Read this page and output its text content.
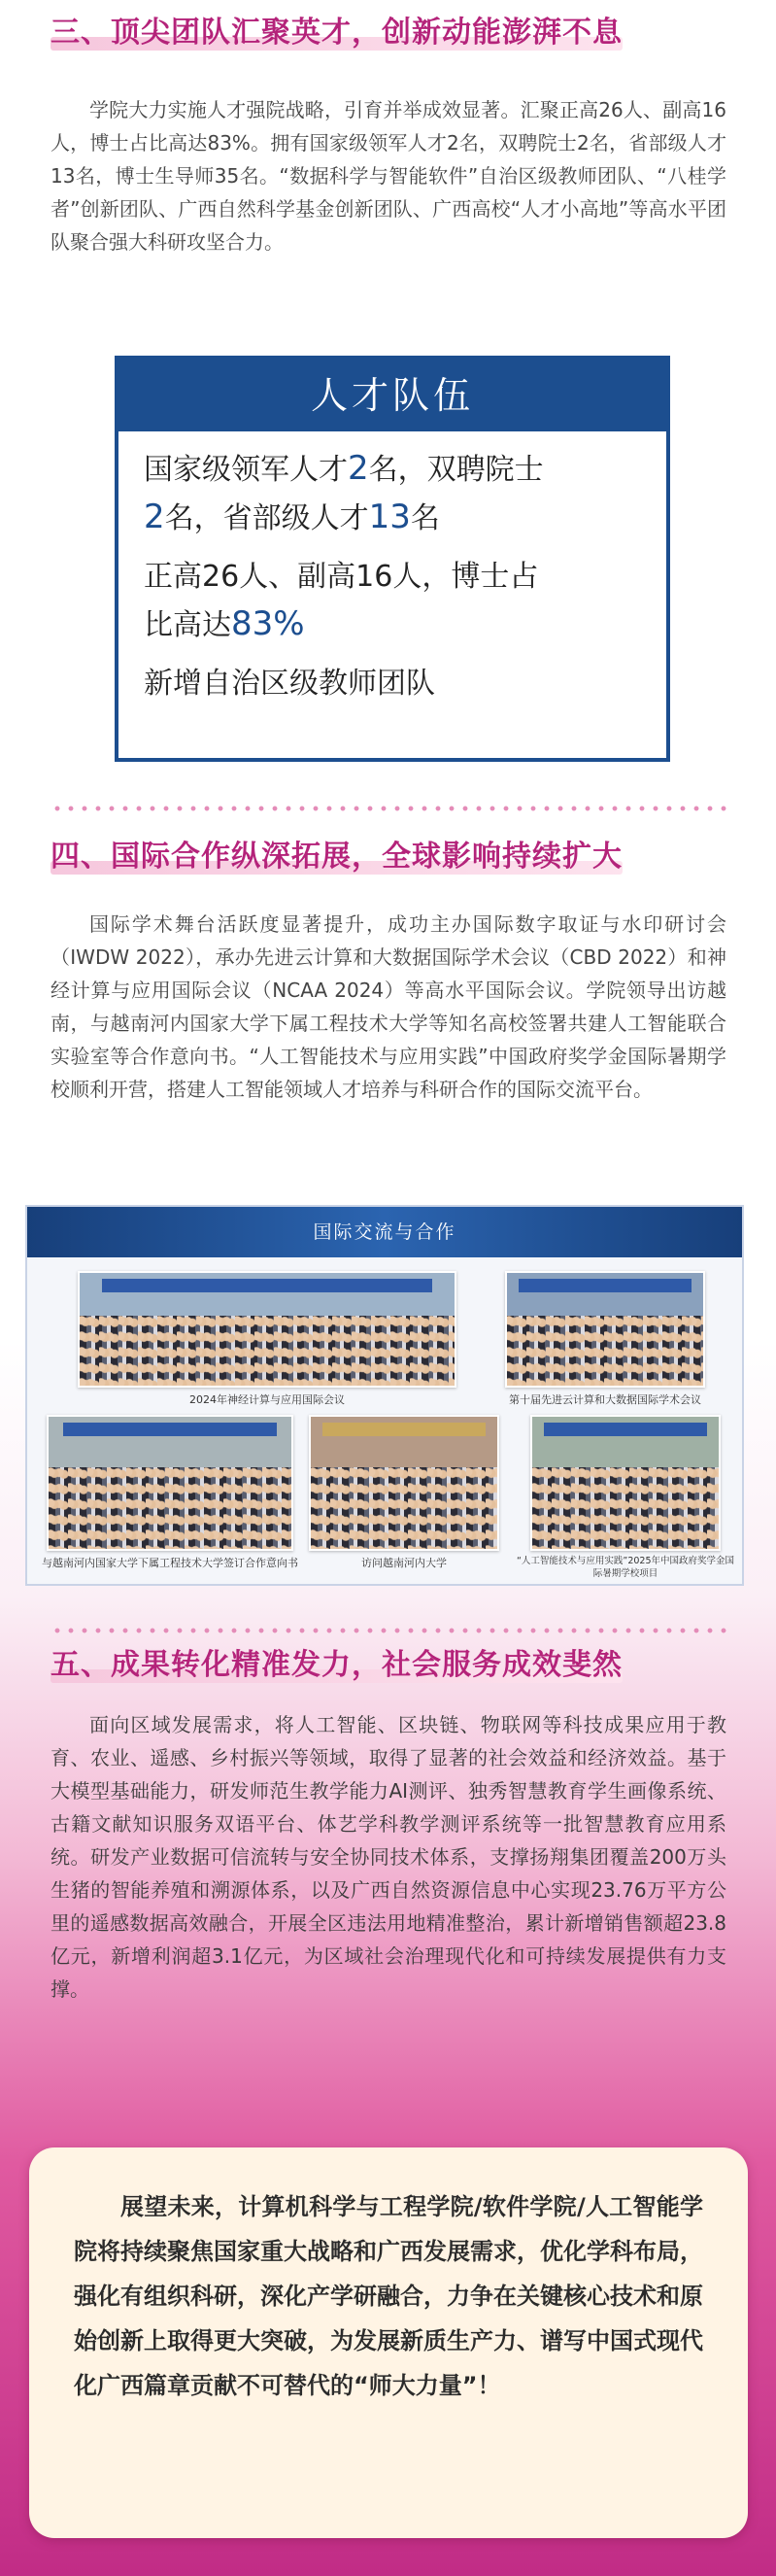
三、顶尖团队汇聚英才，创新动能澎湃不息
学院大力实施人才强院战略，引育并举成效显著。汇聚正高26人、副高16人，博士占比高达83%。拥有国家级领军人才2名，双聘院士2名，省部级人才13名，博士生导师35名。“数据科学与智能软件”自治区级教师团队、“八桂学者”创新团队、广西自然科学基金创新团队、广西高校“人才小高地”等高水平团队聚合强大科研攻坚合力。
人才队伍
国家级领军人才2名，双聘院士
2名，省部级人才13名
正高26人、副高16人，博士占
比高达83%
新增自治区级教师团队
四、国际合作纵深拓展，全球影响持续扩大
国际学术舞台活跃度显著提升，成功主办国际数字取证与水印研讨会（IWDW 2022），承办先进云计算和大数据国际学术会议（CBD 2022）和神经计算与应用国际会议（NCAA 2024）等高水平国际会议。学院领导出访越南，与越南河内国家大学下属工程技术大学等知名高校签署共建人工智能联合实验室等合作意向书。“人工智能技术与应用实践”中国政府奖学金国际暑期学校顺利开营，搭建人工智能领域人才培养与科研合作的国际交流平台。
国际交流与合作
2024年神经计算与应用国际会议	第十届先进云计算和大数据国际学术会议
与越南河内国家大学下属工程技术大学签订合作意向书	访问越南河内大学	“人工智能技术与应用实践”2025年中国政府奖学金国际暑期学校项目
五、成果转化精准发力，社会服务成效斐然
面向区域发展需求，将人工智能、区块链、物联网等科技成果应用于教育、农业、遥感、乡村振兴等领域，取得了显著的社会效益和经济效益。基于大模型基础能力，研发师范生教学能力AI测评、独秀智慧教育学生画像系统、古籍文献知识服务双语平台、体艺学科教学测评系统等一批智慧教育应用系统。研发产业数据可信流转与安全协同技术体系，支撑扬翔集团覆盖200万头生猪的智能养殖和溯源体系，以及广西自然资源信息中心实现23.76万平方公里的遥感数据高效融合，开展全区违法用地精准整治，累计新增销售额超23.8亿元，新增利润超3.1亿元，为区域社会治理现代化和可持续发展提供有力支撑。
展望未来，计算机科学与工程学院/软件学院/人工智能学院将持续聚焦国家重大战略和广西发展需求，优化学科布局，强化有组织科研，深化产学研融合，力争在关键核心技术和原始创新上取得更大突破，为发展新质生产力、谱写中国式现代化广西篇章贡献不可替代的“师大力量”！
